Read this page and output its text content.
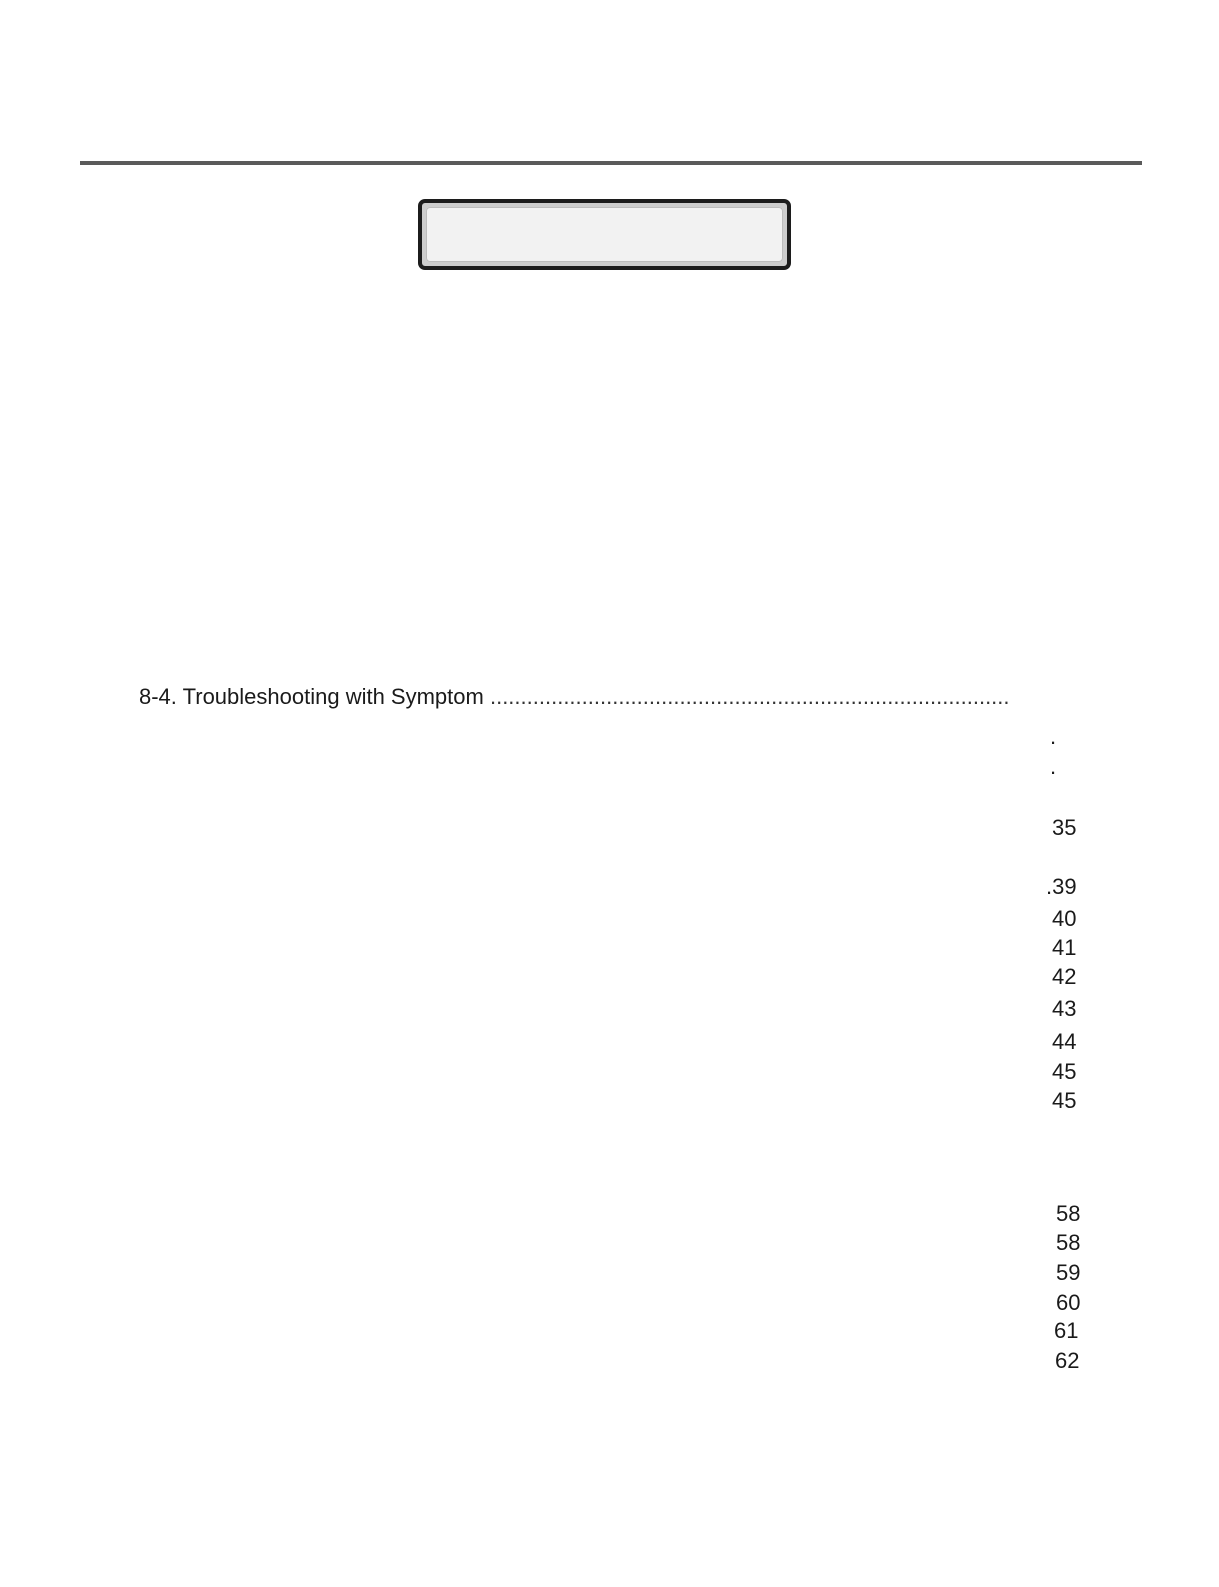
8-4. Troubleshooting with Symptom .....................................................................................
.
.
35
.39
40
41
42
43
44
45
45
58
58
59
60
61
62
